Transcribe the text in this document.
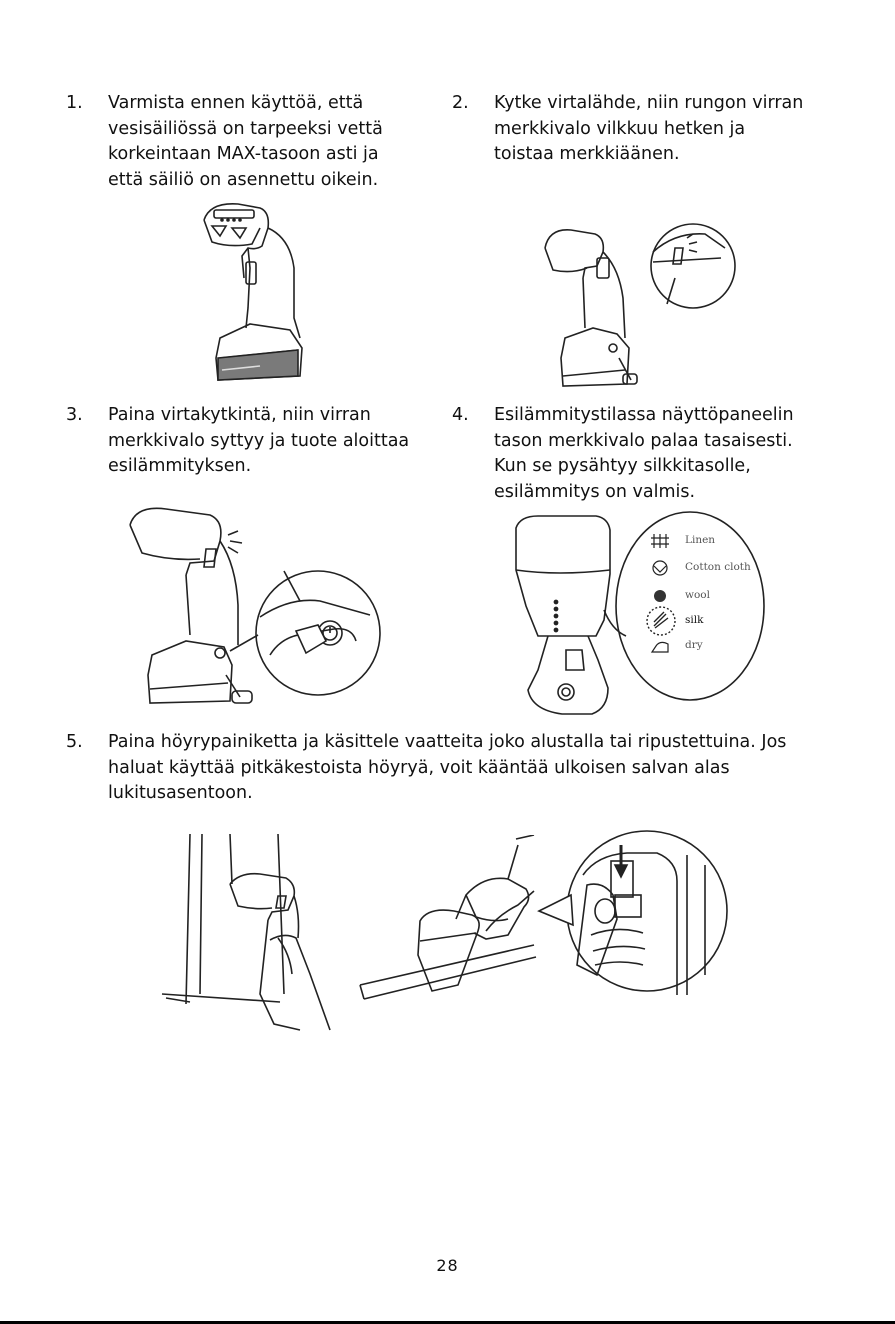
1. Varmista ennen käyttöä, että
vesisäiliössä on tarpeeksi vettä
korkeintaan MAX-tasoon asti ja
että säiliö on asennettu oikein.
2. Kytke virtalähde, niin rungon virran
merkkivalo vilkkuu hetken ja
toistaa merkkiäänen.
3. Paina virtakytkintä, niin virran
merkkivalo syttyy ja tuote aloittaa
esilämmityksen.
4. Esilämmitystilassa näyttöpaneelin
tason merkkivalo palaa tasaisesti.
Kun se pysähtyy silkkitasolle,
esilämmitys on valmis.
Linen
Cotton cloth
wool
silk
dry
5. Paina höyrypainiketta ja käsittele vaatteita joko alustalla tai ripustettuina. Jos
haluat käyttää pitkäkestoista höyryä, voit kääntää ulkoisen salvan alas
lukitusasentoon.
28
